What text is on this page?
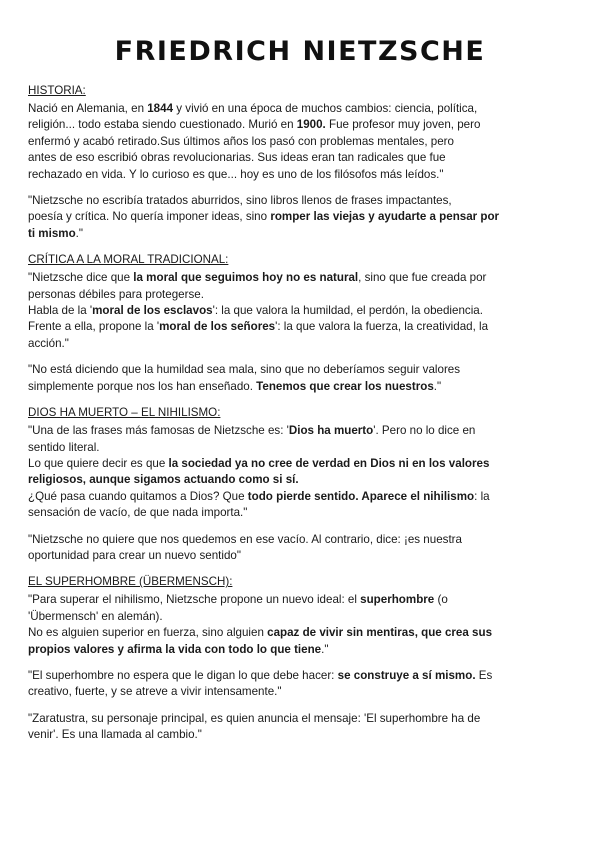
FRIEDRICH NIETZSCHE
HISTORIA:
Nació en Alemania, en 1844 y vivió en una época de muchos cambios: ciencia, política,
religión... todo estaba siendo cuestionado. Murió en 1900. Fue profesor muy joven, pero
enfermó y acabó retirado.Sus últimos años los pasó con problemas mentales, pero
antes de eso escribió obras revolucionarias. Sus ideas eran tan radicales que fue
rechazado en vida. Y lo curioso es que... hoy es uno de los filósofos más leídos."
"Nietzsche no escribía tratados aburridos, sino libros llenos de frases impactantes,
poesía y crítica. No quería imponer ideas, sino romper las viejas y ayudarte a pensar por
ti mismo."
CRÍTICA A LA MORAL TRADICIONAL:
"Nietzsche dice que la moral que seguimos hoy no es natural, sino que fue creada por
personas débiles para protegerse.
Habla de la 'moral de los esclavos': la que valora la humildad, el perdón, la obediencia.
Frente a ella, propone la 'moral de los señores': la que valora la fuerza, la creatividad, la
acción."
"No está diciendo que la humildad sea mala, sino que no deberíamos seguir valores
simplemente porque nos los han enseñado. Tenemos que crear los nuestros."
DIOS HA MUERTO – EL NIHILISMO:
"Una de las frases más famosas de Nietzsche es: 'Dios ha muerto'. Pero no lo dice en
sentido literal.
Lo que quiere decir es que la sociedad ya no cree de verdad en Dios ni en los valores
religiosos, aunque sigamos actuando como si sí.
¿Qué pasa cuando quitamos a Dios? Que todo pierde sentido. Aparece el nihilismo: la
sensación de vacío, de que nada importa."
"Nietzsche no quiere que nos quedemos en ese vacío. Al contrario, dice: ¡es nuestra
oportunidad para crear un nuevo sentido"
EL SUPERHOMBRE (ÜBERMENSCH):
"Para superar el nihilismo, Nietzsche propone un nuevo ideal: el superhombre (o
'Übermensch' en alemán).
No es alguien superior en fuerza, sino alguien capaz de vivir sin mentiras, que crea sus
propios valores y afirma la vida con todo lo que tiene."
"El superhombre no espera que le digan lo que debe hacer: se construye a sí mismo. Es
creativo, fuerte, y se atreve a vivir intensamente."
"Zaratustra, su personaje principal, es quien anuncia el mensaje: 'El superhombre ha de
venir'. Es una llamada al cambio."
